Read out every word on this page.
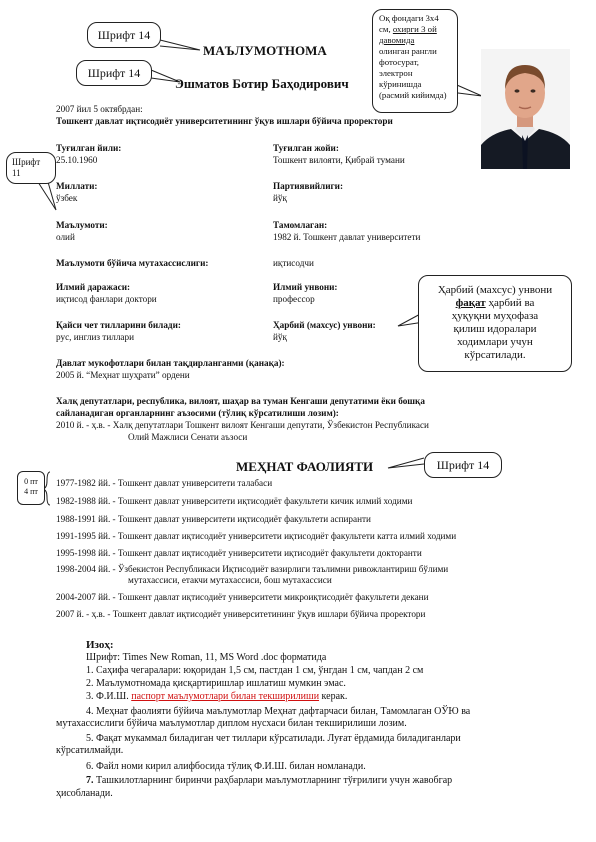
Шрифт 14
Шрифт 14
Шрифт
11
Оқ фондаги 3х4
см, охирги 3 ой
давомида
олинган рангли
фотосурат,
электрон
кўринишда
(расмий кийимда)
Ҳарбий (махсус) унвони
фақат ҳарбий ва
ҳуқуқни муҳофаза
қилиш идоралари
ходимлари учун
кўрсатилади.
Шрифт 14
0 пт
4 пт
МАЪЛУМОТНОМА
Эшматов Ботир Баҳодирович
2007 йил 5 октябрдан:
Тошкент давлат иқтисодиёт университетининг ўқув ишлари бўйича проректори
Туғилган йили:
25.10.1960
Туғилган жойи:
Тошкент вилояти, Қибрай тумани
Миллати:
ўзбек
Партиявийлиги:
йўқ
Маълумоти:
олий
Тамомлаган:
1982 й. Тошкент давлат университети
Маълумоти бўйича мутахассислиги:	иқтисодчи
Илмий даражаси:
иқтисод фанлари доктори
Илмий унвони:
профессор
Қайси чет тилларини билади:
рус, инглиз тиллари
Ҳарбий (махсус) унвони:
йўқ
Давлат мукофотлари билан тақдирланганми (қанақа):
2005 й. “Меҳнат шуҳрати” ордени
Халқ депутатлари, республика, вилоят, шаҳар ва туман Кенгаши депутатими ёки бошқа
сайланадиган органларнинг аъзосими (тўлиқ кўрсатилиши лозим):
2010 й. - ҳ.в. - Халқ депутатлари Тошкент вилоят Кенгаши депутати, Ўзбекистон Республикаси
Олий Мажлиси Сенати аъзоси
МЕҲНАТ ФАОЛИЯТИ
1977-1982 йй. - Тошкент давлат университети талабаси
1982-1988 йй. - Тошкент давлат университети иқтисодиёт факультети кичик илмий ходими
1988-1991 йй. - Тошкент давлат университети иқтисодиёт факультети аспиранти
1991-1995 йй. - Тошкент давлат иқтисодиёт университети иқтисодиёт факультети катта илмий ходими
1995-1998 йй. - Тошкент давлат иқтисодиёт университети иқтисодиёт факультети докторанти
1998-2004 йй. - Ўзбекистон Республикаси Иқтисодиёт вазирлиги таълимни ривожлантириш бўлими
мутахассиси, етакчи мутахассиси, бош мутахассиси
2004-2007 йй. - Тошкент давлат иқтисодиёт университети микроиқтисодиёт факультети декани
2007 й. - ҳ.в. - Тошкент давлат иқтисодиёт университетининг ўқув ишлари бўйича проректори
Изоҳ:
Шрифт: Times New Roman, 11, MS Word .doc форматида
1. Саҳифа чегаралари: юқоридан 1,5 см, пастдан 1 см, ўнгдан 1 см, чапдан 2 см
2. Маълумотномада қисқартиришлар ишлатиш мумкин эмас.
3. Ф.И.Ш. паспорт маълумотлари билан текширилиши керак.
4. Меҳнат фаолияти бўйича маълумотлар Меҳнат дафтарчаси билан, Тамомлаган ОЎЮ ва
мутахассислиги бўйича маълумотлар диплом нусхаси билан текширилиши лозим.
5. Фақат мукаммал биладиган чет тиллари кўрсатилади. Луғат ёрдамида биладиганлари
кўрсатилмайди.
6. Файл номи кирил алифбосида тўлиқ Ф.И.Ш. билан номланади.
7. Ташкилотларнинг биринчи раҳбарлари маълумотларнинг тўғрилиги учун жавобгар
ҳисобланади.
